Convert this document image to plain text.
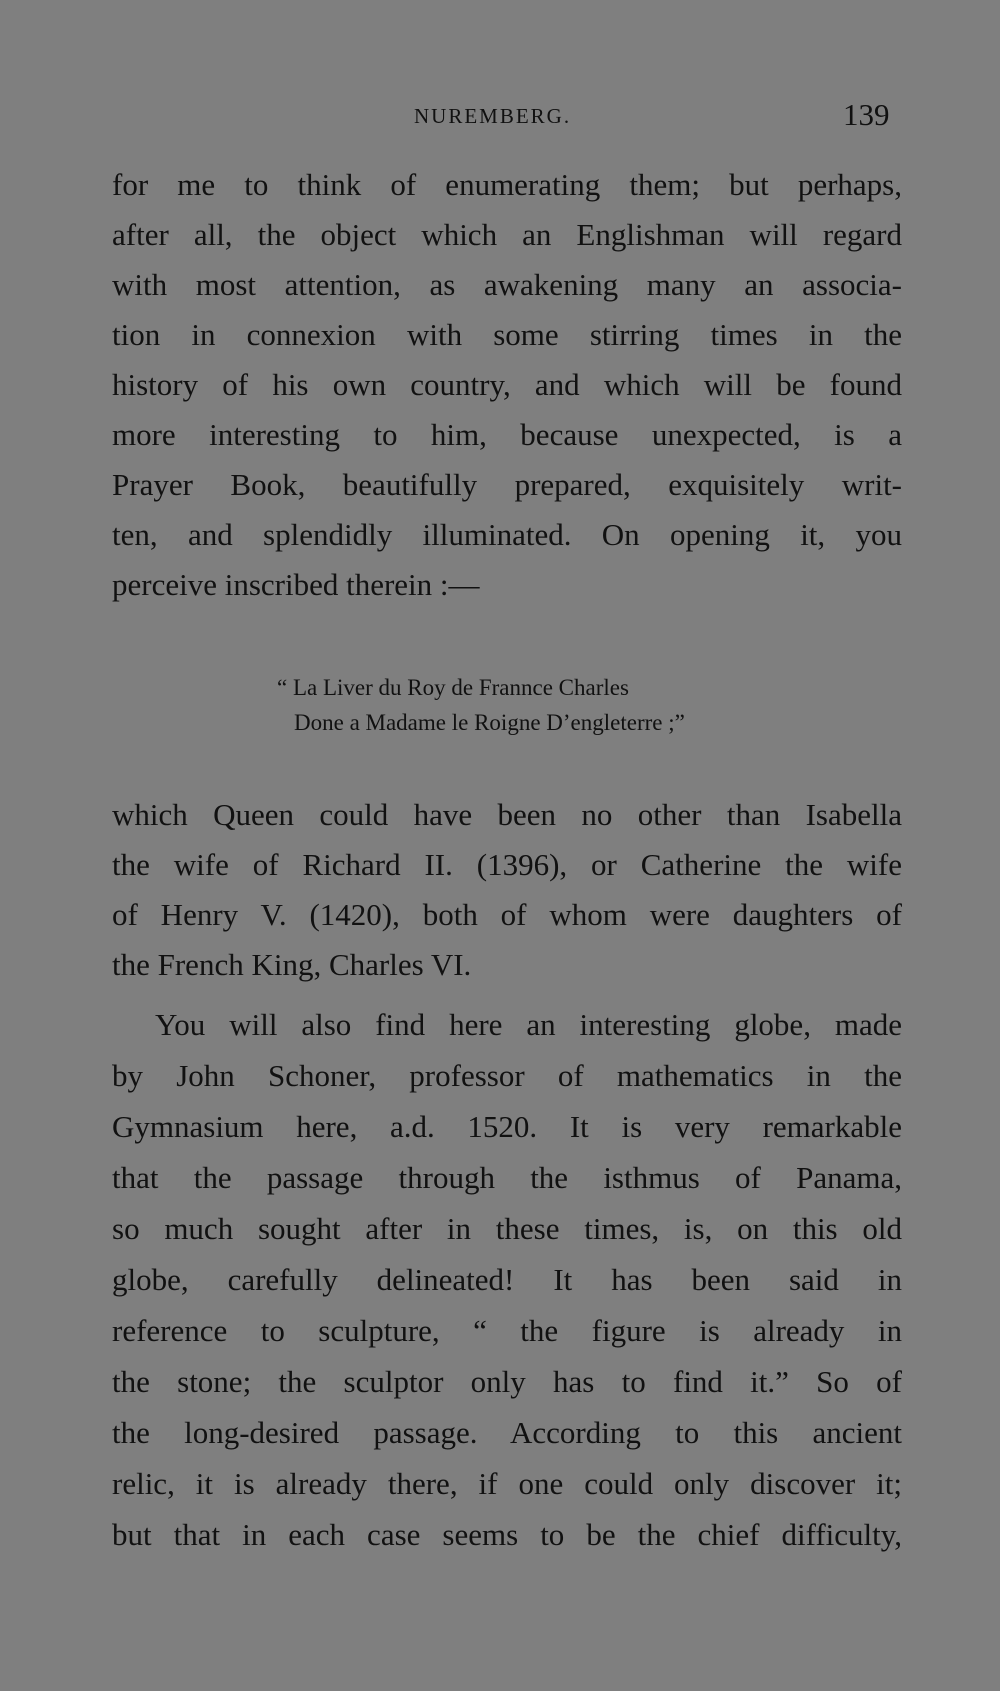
NUREMBERG.	139
for me to think of enumerating them; but perhaps,
after all, the object which an Englishman will regard
with most attention, as awakening many an associa-
tion in connexion with some stirring times in the
history of his own country, and which will be found
more interesting to him, because unexpected, is a
Prayer Book, beautifully prepared, exquisitely writ-
ten, and splendidly illuminated. On opening it, you
perceive inscribed therein :—
“ La Liver du Roy de Frannce Charles
Done a Madame le Roigne D’engleterre ;”
which Queen could have been no other than Isabella
the wife of Richard II. (1396), or Catherine the wife
of Henry V. (1420), both of whom were daughters of
the French King, Charles VI.
You will also find here an interesting globe, made
by John Schoner, professor of mathematics in the
Gymnasium here, a.d. 1520. It is very remarkable
that the passage through the isthmus of Panama,
so much sought after in these times, is, on this old
globe, carefully delineated! It has been said in
reference to sculpture, “ the figure is already in
the stone; the sculptor only has to find it.” So of
the long-desired passage. According to this ancient
relic, it is already there, if one could only discover it;
but that in each case seems to be the chief difficulty,
